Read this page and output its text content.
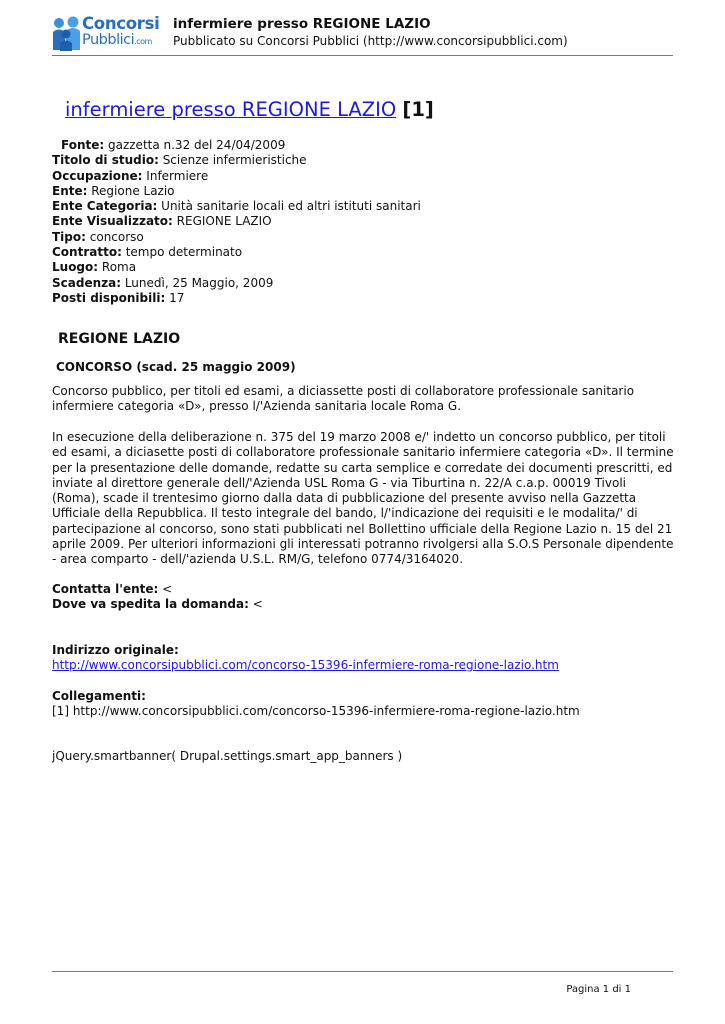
Concorsi
Pubblici.com
infermiere presso REGIONE LAZIO
Pubblicato su Concorsi Pubblici (http://www.concorsipubblici.com)
infermiere presso REGIONE LAZIO [1]
Fonte: gazzetta n.32 del 24/04/2009
Titolo di studio: Scienze infermieristiche
Occupazione: Infermiere
Ente: Regione Lazio
Ente Categoria: Unità sanitarie locali ed altri istituti sanitari
Ente Visualizzato: REGIONE LAZIO
Tipo: concorso
Contratto: tempo determinato
Luogo: Roma
Scadenza: Lunedì, 25 Maggio, 2009
Posti disponibili: 17
REGIONE LAZIO
CONCORSO (scad. 25 maggio 2009)

Concorso pubblico, per titoli ed esami, a diciassette posti di collaboratore professionale sanitario infermiere categoria «D», presso l/'Azienda sanitaria locale Roma G.

In esecuzione della deliberazione n. 375 del 19 marzo 2008 e/' indetto un concorso pubblico, per titoli ed esami, a diciasette posti di collaboratore professionale sanitario infermiere categoria «D». Il termine per la presentazione delle domande, redatte su carta semplice e corredate dei documenti prescritti, ed inviate al direttore generale dell/'Azienda USL Roma G - via Tiburtina n. 22/A c.a.p. 00019 Tivoli (Roma), scade il trentesimo giorno dalla data di pubblicazione del presente avviso nella Gazzetta Ufficiale della Repubblica. Il testo integrale del bando, l/'indicazione dei requisiti e le modalita/' di partecipazione al concorso, sono stati pubblicati nel Bollettino ufficiale della Regione Lazio n. 15 del 21 aprile 2009. Per ulteriori informazioni gli interessati potranno rivolgersi alla S.O.S Personale dipendente - area comparto - dell/'azienda U.S.L. RM/G, telefono 0774/3164020.

Contatta l'ente: <
Dove va spedita la domanda: <
Indirizzo originale:
http://www.concorsipubblici.com/concorso-15396-infermiere-roma-regione-lazio.htm
Collegamenti:
[1] http://www.concorsipubblici.com/concorso-15396-infermiere-roma-regione-lazio.htm
jQuery.smartbanner( Drupal.settings.smart_app_banners )
Pagina 1 di 1
